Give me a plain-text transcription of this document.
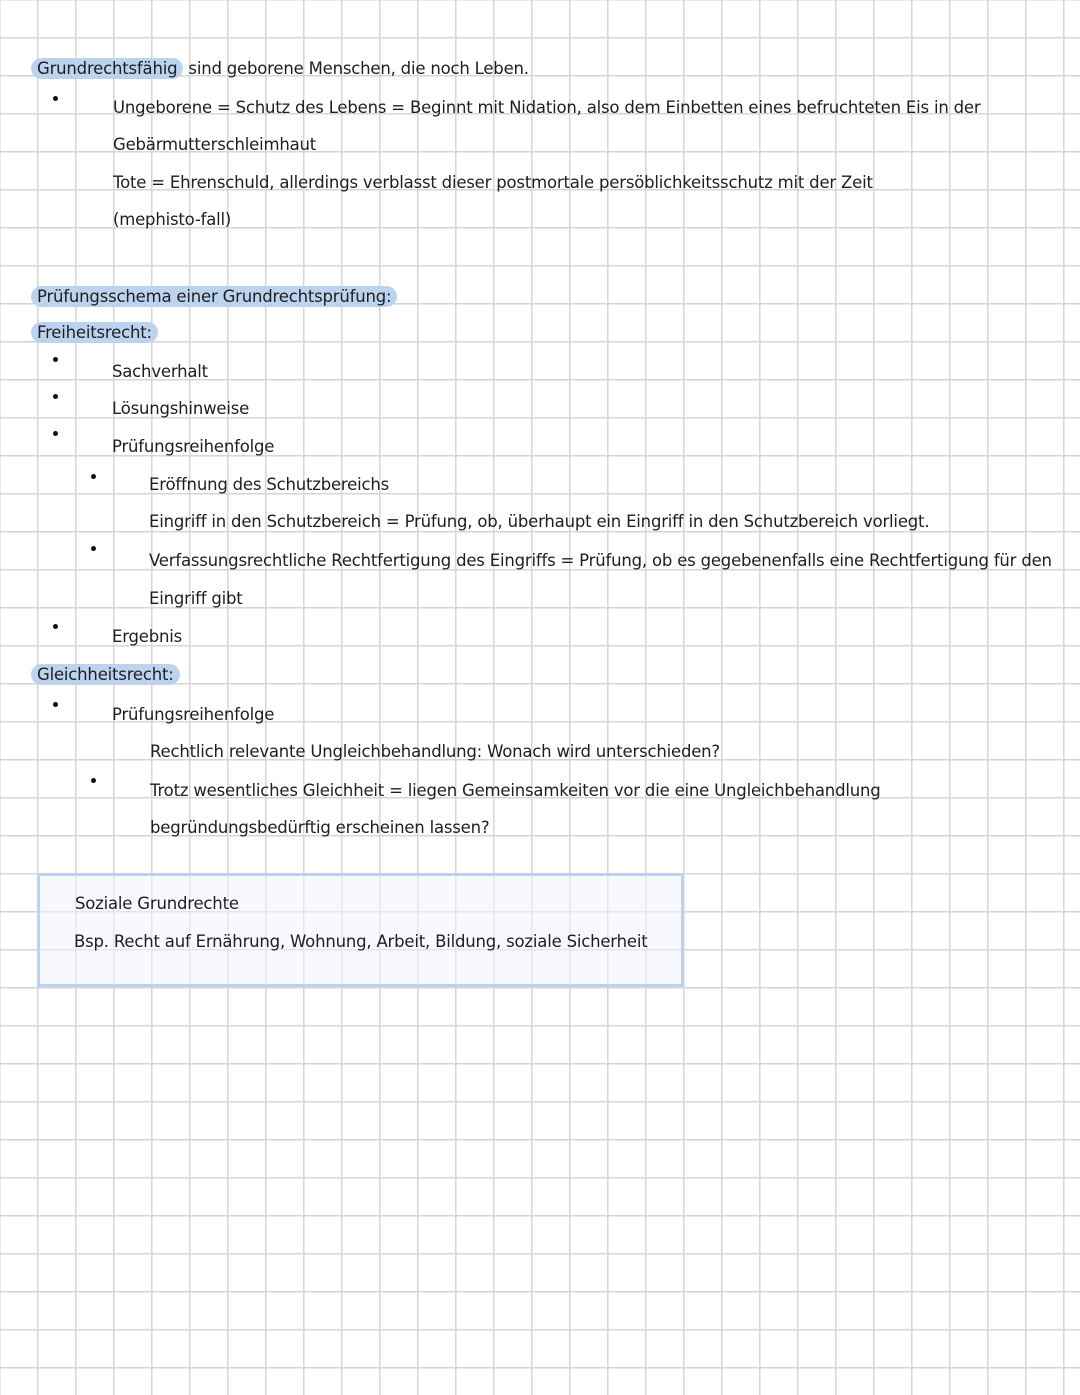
Grundrechtsfähig sind geborene Menschen, die noch Leben.
Ungeborene = Schutz des Lebens = Beginnt mit Nidation, also dem Einbetten eines befruchteten Eis in der
Gebärmutterschleimhaut
Tote = Ehrenschuld, allerdings verblasst dieser postmortale persöblichkeitsschutz mit der Zeit
(mephisto-fall)
Prüfungsschema einer Grundrechtsprüfung:
Freiheitsrecht:
Sachverhalt
Lösungshinweise
Prüfungsreihenfolge
Eröffnung des Schutzbereichs
Eingriff in den Schutzbereich = Prüfung, ob, überhaupt ein Eingriff in den Schutzbereich vorliegt.
Verfassungsrechtliche Rechtfertigung des Eingriffs = Prüfung, ob es gegebenenfalls eine Rechtfertigung für den
Eingriff gibt
Ergebnis
Gleichheitsrecht:
Prüfungsreihenfolge
Rechtlich relevante Ungleichbehandlung: Wonach wird unterschieden?
Trotz wesentliches Gleichheit = liegen Gemeinsamkeiten vor die eine Ungleichbehandlung
begründungsbedürftig erscheinen lassen?
Soziale Grundrechte
Bsp. Recht auf Ernährung, Wohnung, Arbeit, Bildung, soziale Sicherheit
